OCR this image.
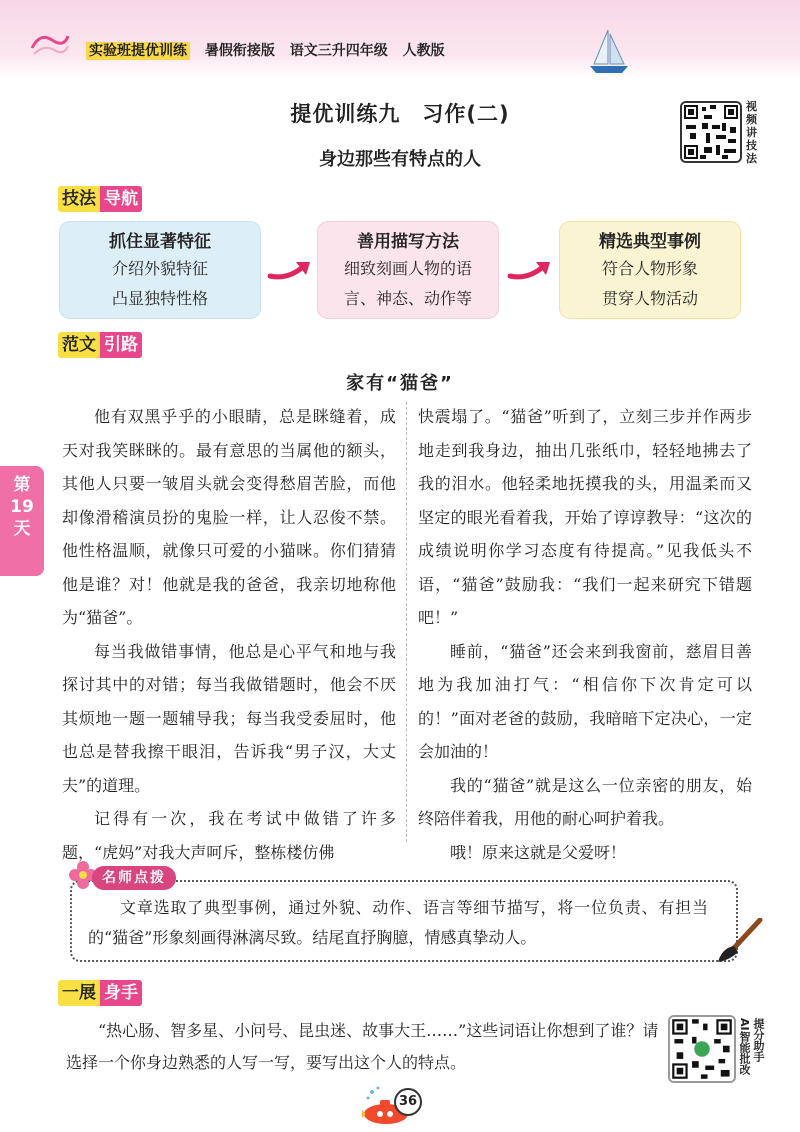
实验班提优训练 暑假衔接版 语文三升四年级 人教版
提优训练九　习作(二)
身边那些有特点的人
视频讲技法
技法 导航
抓住显著特征
介绍外貌特征
凸显独特性格
善用描写方法
细致刻画人物的语
言、神态、动作等
精选典型事例
符合人物形象
贯穿人物活动
范文 引路
家有“猫爸”

他有双黑乎乎的小眼睛，总是眯缝着，成天对我笑眯眯的。最有意思的当属他的额头，其他人只要一皱眉头就会变得愁眉苦脸，而他却像滑稽演员扮的鬼脸一样，让人忍俊不禁。他性格温顺，就像只可爱的小猫咪。你们猜猜他是谁？对！他就是我的爸爸，我亲切地称他为“猫爸”。

每当我做错事情，他总是心平气和地与我探讨其中的对错；每当我做错题时，他会不厌其烦地一题一题辅导我；每当我受委屈时，他也总是替我擦干眼泪，告诉我“男子汉，大丈夫”的道理。

记得有一次，我在考试中做错了许多题，“虎妈”对我大声呵斥，整栋楼仿佛

快震塌了。“猫爸”听到了，立刻三步并作两步地走到我身边，抽出几张纸巾，轻轻地拂去了我的泪水。他轻柔地抚摸我的头，用温柔而又坚定的眼光看着我，开始了谆谆教导：“这次的成绩说明你学习态度有待提高。”见我低头不语，“猫爸”鼓励我：“我们一起来研究下错题吧！”

睡前，“猫爸”还会来到我窗前，慈眉目善地为我加油打气：“相信你下次肯定可以的！”面对老爸的鼓励，我暗暗下定决心，一定会加油的！

我的“猫爸”就是这么一位亲密的朋友，始终陪伴着我，用他的耐心呵护着我。

哦！原来这就是父爱呀！

第
19
天
名师点拨

文章选取了典型事例，通过外貌、动作、语言等细节描写，将一位负责、有担当的“猫爸”形象刻画得淋漓尽致。结尾直抒胸臆，情感真挚动人。

一展 身手

“热心肠、智多星、小问号、昆虫迷、故事大王……”这些词语让你想到了谁？请选择一个你身边熟悉的人写一写，要写出这个人的特点。	AI智能批改 提分助手
36
